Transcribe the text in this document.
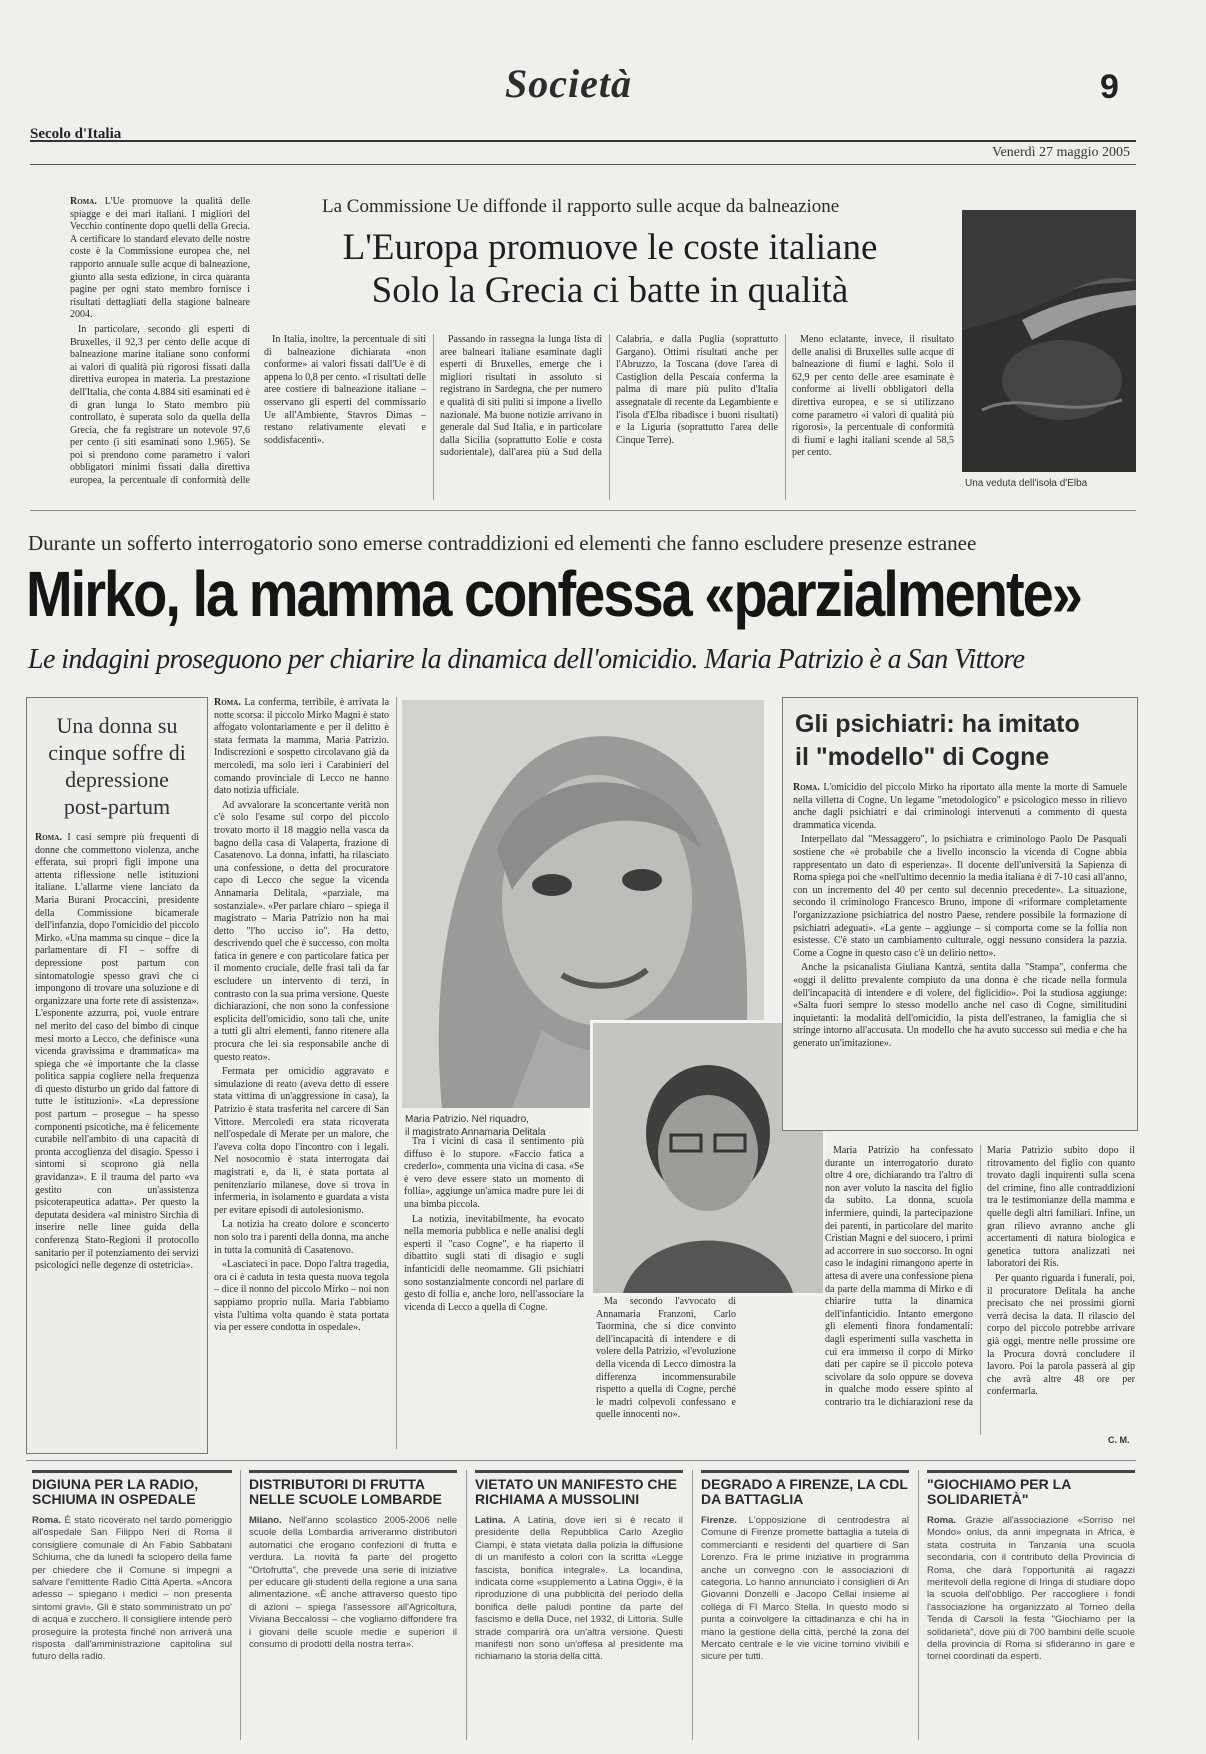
Società	9
Secolo d'Italia
Venerdì 27 maggio 2005
La Commissione Ue diffonde il rapporto sulle acque da balneazione
L'Europa promuove le coste italiane
Solo la Grecia ci batte in qualità
Una veduta dell'isola d'Elba

Roma. L'Ue promuove la qualità delle spiagge e dei mari italiani. I migliori del Vecchio continente dopo quelli della Grecia. A certificare lo standard elevato delle nostre coste è la Commissione europea che, nel rapporto annuale sulle acque di balneazione, giunto alla sesta edizione, in circa quaranta pagine per ogni stato membro fornisce i risultati dettagliati della stagione balneare 2004.

In particolare, secondo gli esperti di Bruxelles, il 92,3 per cento delle acque di balneazione marine italiane sono conformi ai valori di qualità più rigorosi fissati dalla direttiva europea in materia. La prestazione dell'Italia, che conta 4.884 siti esaminati ed è di gran lunga lo Stato membro più controllato, è superata solo da quella della Grecia, che fa registrare un notevole 97,6 per cento (i siti esaminati sono 1.965). Se poi si prendono come parametro i valori obbligatori minimi fissati dalla direttiva europea, la percentuale di conformità delle

In Italia, inoltre, la percentuale di siti di balneazione dichiarata «non conforme» ai valori fissati dall'Ue è di appena lo 0,8 per cento. «I risultati delle aree costiere di balneazione italiane – osservano gli esperti del commissario Ue all'Ambiente, Stavros Dimas – restano relativamente elevati e soddisfacenti».

Passando in rassegna la lunga lista di aree balneari italiane esaminate dagli esperti di Bruxelles, emerge che i migliori risultati in assoluto si registrano in Sardegna, che per numero e qualità di siti puliti si impone a livello nazionale. Ma buone notizie arrivano in generale dal Sud Italia, e in particolare dalla Sicilia (soprattutto Eolie e costa sudorientale), dall'area più a Sud della Calabria, e dalla Puglia (soprattutto Gargano). Ottimi risultati anche per l'Abruzzo, la Toscana (dove l'area di Castiglion della Pescaia conferma la palma di mare più pulito d'Italia assegnatale di recente da Legambiente e l'isola d'Elba ribadisce i buoni risultati) e la Liguria (soprattutto l'area delle Cinque Terre).

Meno eclatante, invece, il risultato delle analisi di Bruxelles sulle acque di balneazione di fiumi e laghi. Solo il 62,9 per cento delle aree esaminate è conforme ai livelli obbligatori della direttiva europea, e se si utilizzano come parametro «i valori di qualità più rigorosi», la percentuale di conformità di fiumi e laghi italiani scende al 58,5 per cento.

Durante un sofferto interrogatorio sono emerse contraddizioni ed elementi che fanno escludere presenze estranee
Mirko, la mamma confessa «parzialmente»
Le indagini proseguono per chiarire la dinamica dell'omicidio. Maria Patrizio è a San Vittore
Una donna su cinque soffre di depressione post-partum

Roma. I casi sempre più frequenti di donne che commettono violenza, anche efferata, sui propri figli impone una attenta riflessione nelle istituzioni italiane. L'allarme viene lanciato da Maria Burani Procaccini, presidente della Commissione bicamerale dell'infanzia, dopo l'omicidio del piccolo Mirko. «Una mamma su cinque – dice la parlamentare di FI – soffre di depressione post partum con sintomatologie spesso gravi che ci impongono di trovare una soluzione e di organizzare una forte rete di assistenza». L'esponente azzurra, poi, vuole entrare nel merito del caso del bimbo di cinque mesi morto a Lecco, che definisce «una vicenda gravissima e drammatica» ma spiega che «è importante che la classe politica sappia cogliere nella frequenza di questo disturbo un grido dal fattore di tutte le istituzioni». «La depressione post partum – prosegue – ha spesso componenti psicotiche, ma è felicemente curabile nell'ambito di una capacità di pronta accoglienza del disagio. Spesso i sintomi si scoprono già nella gravidanza». E il trauma del parto «va gestito con un'assistenza psicoterapeutica adatta». Per questo la deputata desidera «al ministro Sirchia di inserire nelle linee guida della conferenza Stato-Regioni il protocollo sanitario per il potenziamento dei servizi psicologici nelle degenze di ostetricia».

Roma. La conferma, terribile, è arrivata la notte scorsa: il piccolo Mirko Magni è stato affogato volontariamente e per il delitto è stata fermata la mamma, Maria Patrizio. Indiscrezioni e sospetto circolavano già da mercoledì, ma solo ieri i Carabinieri del comando provinciale di Lecco ne hanno dato notizia ufficiale.

Ad avvalorare la sconcertante verità non c'è solo l'esame sul corpo del piccolo trovato morto il 18 maggio nella vasca da bagno della casa di Valaperta, frazione di Casatenovo. La donna, infatti, ha rilasciato una confessione, o detta del procuratore capo di Lecco che segue la vicenda Annamaria Delitala, «parziale, ma sostanziale». «Per parlare chiaro – spiega il magistrato – Maria Patrizio non ha mai detto "l'ho ucciso io". Ha detto, descrivendo quel che è successo, con molta fatica in genere e con particolare fatica per il momento cruciale, delle frasi tali da far escludere un intervento di terzi, in contrasto con la sua prima versione. Queste dichiarazioni, che non sono la confessione esplicita dell'omicidio, sono tali che, unite a tutti gli altri elementi, fanno ritenere alla procura che lei sia responsabile anche di questo reato».

Fermata per omicidio aggravato e simulazione di reato (aveva detto di essere stata vittima di un'aggressione in casa), la Patrizio è stata trasferita nel carcere di San Vittore. Mercoledì era stata ricoverata nell'ospedale di Merate per un malore, che l'aveva colta dopo l'incontro con i legali. Nel nosocomio è stata interrogata dai magistrati e, da lì, è stata portata al penitenziario milanese, dove si trova in infermeria, in isolamento e guardata a vista per evitare episodi di autolesionismo.

La notizia ha creato dolore e sconcerto non solo tra i parenti della donna, ma anche in tutta la comunità di Casatenovo.

«Lasciateci in pace. Dopo l'altra tragedia, ora ci è caduta in testa questa nuova tegola – dice il nonno del piccolo Mirko – noi non sappiamo proprio nulla. Maria l'abbiamo vista l'ultima volta quando è stata portata via per essere condotta in ospedale».

Maria Patrizio. Nel riquadro,
il magistrato Annamaria Delitala

Tra i vicini di casa il sentimento più diffuso è lo stupore. «Faccio fatica a crederlo», commenta una vicina di casa. «Se è vero deve essere stato un momento di follia», aggiunge un'amica madre pure lei di una bimba piccola.

La notizia, inevitabilmente, ha evocato nella memoria pubblica e nelle analisi degli esperti il "caso Cogne", e ha riaperto il dibattito sugli stati di disagio e sugli infanticidi delle neomamme. Gli psichiatri sono sostanzialmente concordi nel parlare di gesto di follia e, anche loro, nell'associare la vicenda di Lecco a quella di Cogne.

Ma secondo l'avvocato di Annamaria Franzoni, Carlo Taormina, che si dice convinto dell'incapacità di intendere e di volere della Patrizio, «l'evoluzione della vicenda di Lecco dimostra la differenza incommensurabile rispetto a quella di Cogne, perché le madri colpevoli confessano e quelle innocenti no».

Maria Patrizio ha confessato durante un interrogatorio durato oltre 4 ore, dichiarando tra l'altro di non aver voluto la nascita del figlio da subito. La donna, scuola infermiere, quindi, la partecipazione dei parenti, in particolare del marito Cristian Magni e del suocero, i primi ad accorrere in suo soccorso. In ogni caso le indagini rimangono aperte in attesa di avere una confessione piena da parte della mamma di Mirko e di chiarire tutta la dinamica dell'infanticidio. Intanto emergono gli elementi finora fondamentali: dagli esperimenti sulla vaschetta in cui era immerso il corpo di Mirko dati per capire se il piccolo poteva scivolare da solo oppure se doveva in qualche modo essere spinto al contrario tra le dichiarazioni rese da Maria Patrizio subito dopo il ritrovamento del figlio con quanto trovato dagli inquirenti sulla scena del crimine, fino alle contraddizioni tra le testimonianze della mamma e quelle degli altri familiari. Infine, un gran rilievo avranno anche gli accertamenti di natura biologica e genetica tuttora analizzati nei laboratori dei Ris.

Per quanto riguarda i funerali, poi, il procuratore Delitala ha anche precisato che nei prossimi giorni verrà decisa la data. Il rilascio del corpo del piccolo potrebbe arrivare già oggi, mentre nelle prossime ore la Procura dovrà concludere il lavoro. Poi la parola passerà al gip che avrà altre 48 ore per confermarla.

C. M.
Gli psichiatri: ha imitato
il "modello" di Cogne

Roma. L'omicidio del piccolo Mirko ha riportato alla mente la morte di Samuele nella villetta di Cogne. Un legame "metodologico" e psicologico messo in rilievo anche dagli psichiatri e dai criminologi intervenuti a commento di questa drammatica vicenda.

Interpellato dal "Messaggero", lo psichiatra e criminologo Paolo De Pasquali sostiene che «è probabile che a livello inconscio la vicenda di Cogne abbia rappresentato un dato di esperienza». Il docente dell'università la Sapienza di Roma spiega poi che «nell'ultimo decennio la media italiana è di 7-10 casi all'anno, con un incremento del 40 per cento sul decennio precedente». La situazione, secondo il criminologo Francesco Bruno, impone di «riformare completamente l'organizzazione psichiatrica del nostro Paese, rendere possibile la formazione di psichiatri adeguati». «La gente – aggiunge – si comporta come se la follia non esistesse. C'è stato un cambiamento culturale, oggi nessuno considera la pazzia. Come a Cogne in questo caso c'è un delirio netto».

Anche la psicanalista Giuliana Kantzà, sentita dalla "Stampa", conferma che «oggi il delitto prevalente compiuto da una donna è che ricade nella formula dell'incapacità di intendere e di volere, del figlicidio». Poi la studiosa aggiunge: «Salta fuori sempre lo stesso modello anche nel caso di Cogne, similitudini inquietanti: la modalità dell'omicidio, la pista dell'estraneo, la famiglia che si stringe intorno all'accusata. Un modello che ha avuto successo sui media e che ha generato un'imitazione».

DIGIUNA PER LA RADIO, SCHIUMA IN OSPEDALE
Roma. È stato ricoverato nel tardo pomeriggio all'ospedale San Filippo Neri di Roma il consigliere comunale di An Fabio Sabbatani Schiuma, che da lunedì fa sciopero della fame per chiedere che il Comune si impegni a salvare l'emittente Radio Città Aperta. «Ancora adesso – spiegano i medici – non presenta sintomi gravi». Gli è stato somministrato un po' di acqua e zucchero. Il consigliere intende però proseguire la protesta finché non arriverà una risposta dall'amministrazione capitolina sul futuro della radio.
DISTRIBUTORI DI FRUTTA NELLE SCUOLE LOMBARDE
Milano. Nell'anno scolastico 2005-2006 nelle scuole della Lombardia arriveranno distributori automatici che erogano confezioni di frutta e verdura. La novità fa parte del progetto "Ortofrutta", che prevede una serie di iniziative per educare gli studenti della regione a una sana alimentazione. «È anche attraverso questo tipo di azioni – spiega l'assessore all'Agricoltura, Viviana Beccalossi – che vogliamo diffondere fra i giovani delle scuole medie e superiori il consumo di prodotti della nostra terra».
VIETATO UN MANIFESTO CHE RICHIAMA A MUSSOLINI
Latina. A Latina, dove ieri si è recato il presidente della Repubblica Carlo Azeglio Ciampi, è stata vietata dalla polizia la diffusione di un manifesto a colori con la scritta «Legge fascista, bonifica integrale». La locandina, indicata come «supplemento a Latina Oggi», è la riproduzione di una pubblicità del periodo della bonifica delle paludi pontine da parte del fascismo e della Duce, nel 1932, di Littoria. Sulle strade comparirà ora un'altra versione. Questi manifesti non sono un'offesa al presidente ma richiamano la storia della città.
DEGRADO A FIRENZE, LA CDL DA BATTAGLIA
Firenze. L'opposizione di centrodestra al Comune di Firenze promette battaglia a tutela di commercianti e residenti del quartiere di San Lorenzo. Fra le prime iniziative in programma anche un convegno con le associazioni di categoria. Lo hanno annunciato i consiglieri di An Giovanni Donzelli e Jacopo Cellai insieme al collega di FI Marco Stella. In questo modo si punta a coinvolgere la cittadinanza e chi ha in mano la gestione della città, perché la zona del Mercato centrale e le vie vicine tornino vivibili e sicure per tutti.
"GIOCHIAMO PER LA SOLIDARIETÀ"
Roma. Grazie all'associazione «Sorriso nel Mondo» onlus, da anni impegnata in Africa, è stata costruita in Tanzania una scuola secondaria, con il contributo della Provincia di Roma, che darà l'opportunità ai ragazzi meritevoli della regione di Iringa di studiare dopo la scuola dell'obbligo. Per raccogliere i fondi l'associazione ha organizzato al Torneo della Tenda di Carsoli la festa "Giochiamo per la solidarietà", dove più di 700 bambini delle scuole della provincia di Roma si sfideranno in gare e tornei coordinati da esperti.
